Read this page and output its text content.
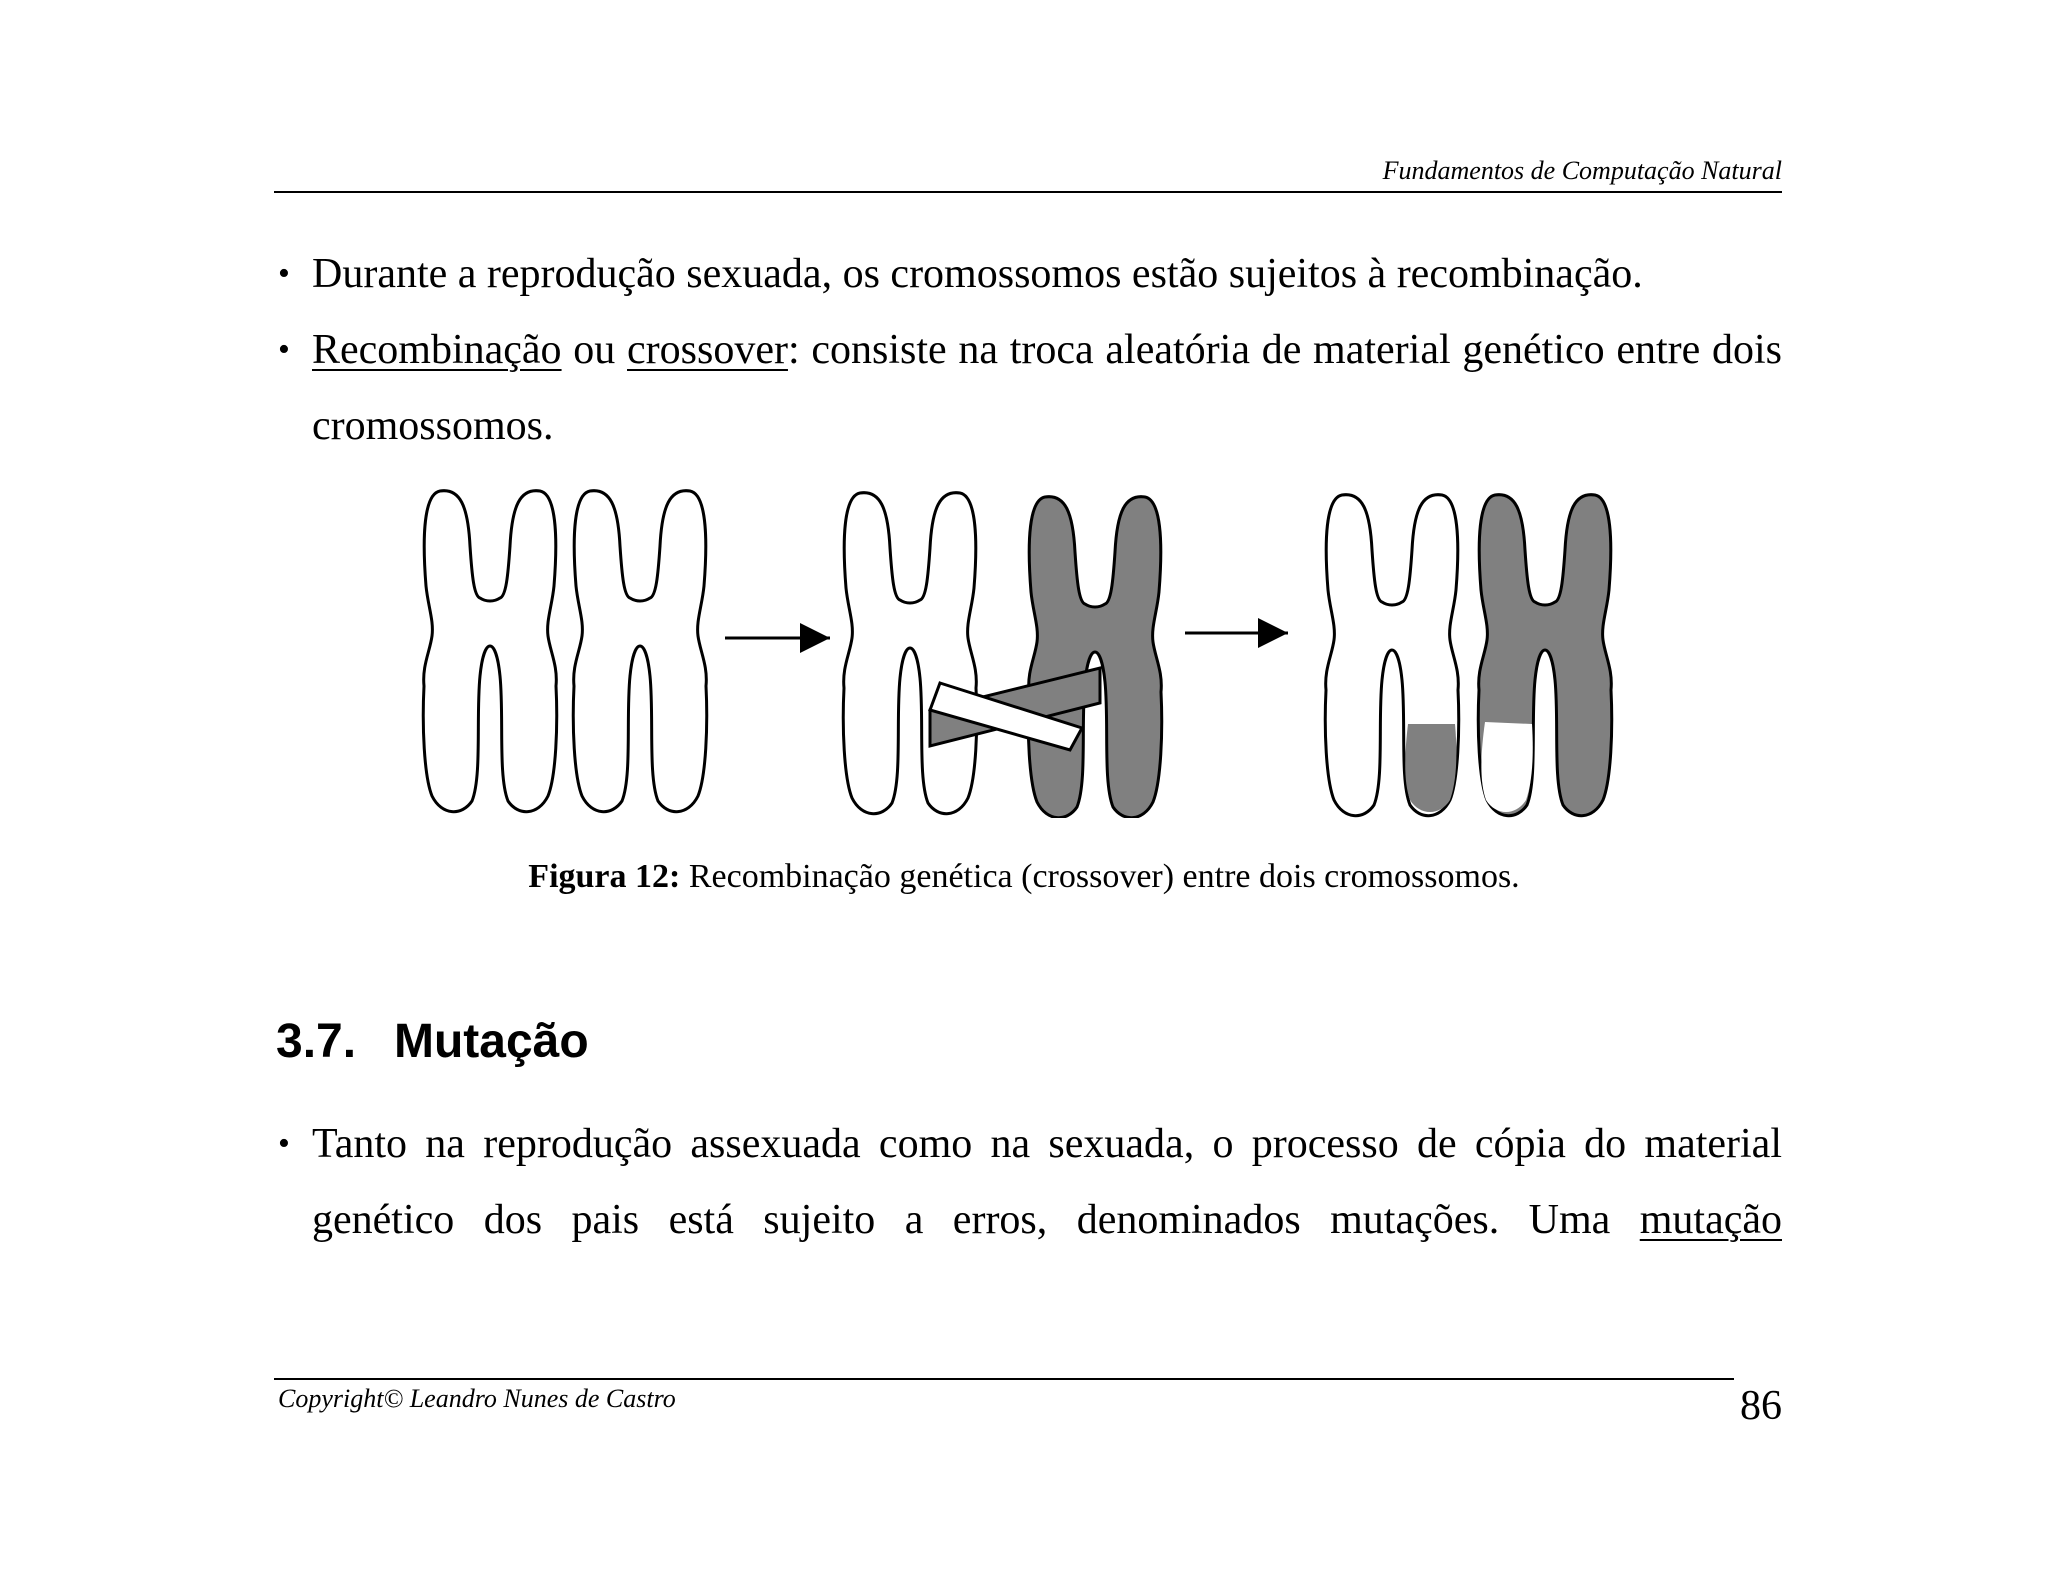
Fundamentos de Computação Natural
• Durante a reprodução sexuada, os cromossomos estão sujeitos à recombinação.
• Recombinação ou crossover: consiste na troca aleatória de material genético entre dois cromossomos.
Figura 12: Recombinação genética (crossover) entre dois cromossomos.
3.7. Mutação
• Tanto na reprodução assexuada como na sexuada, o processo de cópia do material
genético dos pais está sujeito a erros, denominados mutações. Uma mutação
Copyright© Leandro Nunes de Castro	86
